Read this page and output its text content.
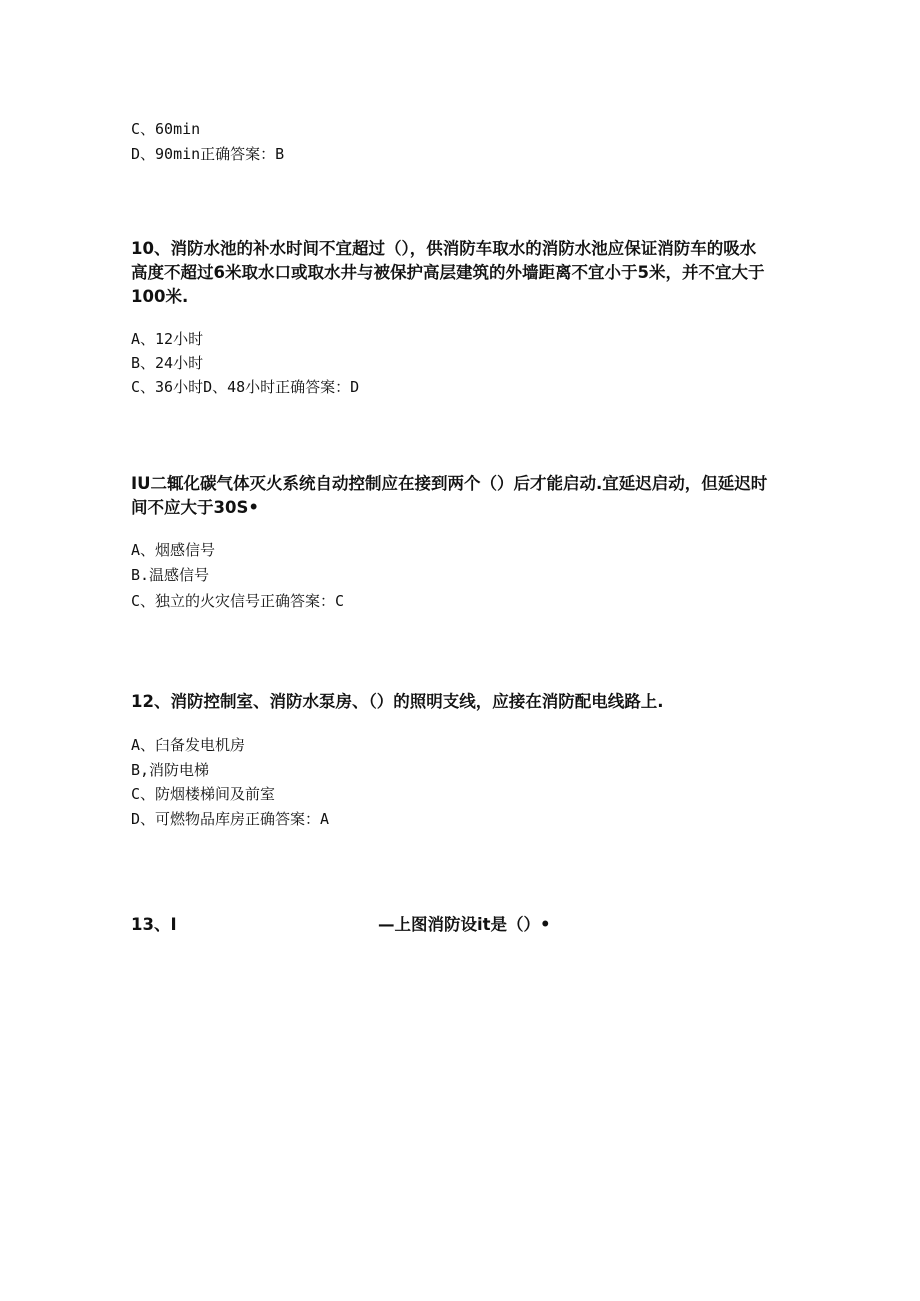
C、60min
D、90min正确答案：B
10、消防水池的补水时间不宜超过（），供消防车取水的消防水池应保证消防车的吸水
高度不超过6米取水口或取水井与被保护高层建筑的外墙距离不宜小于5米，并不宜大于
100米.
A、12小时
B、24小时
C、36小时D、48小时正确答案：D
IU二辄化碳气体灭火系统自动控制应在接到两个（）后才能启动.宜延迟启动，但延迟时
间不应大于30S•
A、烟感信号
B.温感信号
C、独立的火灾信号正确答案：C
12、消防控制室、消防水泵房、（）的照明支线，应接在消防配电线路上.
A、臼备发电机房
B,消防电梯
C、防烟楼梯间及前室
D、可燃物品库房正确答案：A
13、I	—上图消防设it是（）•
